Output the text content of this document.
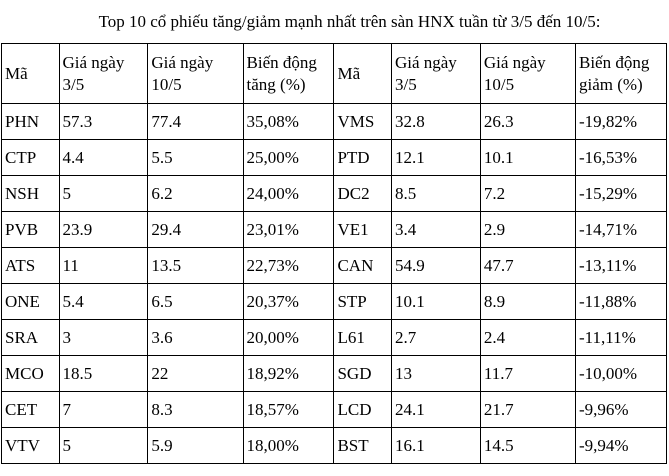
Top 10 cổ phiếu tăng/giảm mạnh nhất trên sàn HNX tuần từ 3/5 đến 10/5:
Mã	Giá ngày 3/5	Giá ngày 10/5	Biến động tăng (%)	Mã	Giá ngày 3/5	Giá ngày 10/5	Biến động giảm (%)
PHN	57.3	77.4	35,08%	VMS	32.8	26.3	-19,82%
CTP	4.4	5.5	25,00%	PTD	12.1	10.1	-16,53%
NSH	5	6.2	24,00%	DC2	8.5	7.2	-15,29%
PVB	23.9	29.4	23,01%	VE1	3.4	2.9	-14,71%
ATS	11	13.5	22,73%	CAN	54.9	47.7	-13,11%
ONE	5.4	6.5	20,37%	STP	10.1	8.9	-11,88%
SRA	3	3.6	20,00%	L61	2.7	2.4	-11,11%
MCO	18.5	22	18,92%	SGD	13	11.7	-10,00%
CET	7	8.3	18,57%	LCD	24.1	21.7	-9,96%
VTV	5	5.9	18,00%	BST	16.1	14.5	-9,94%
